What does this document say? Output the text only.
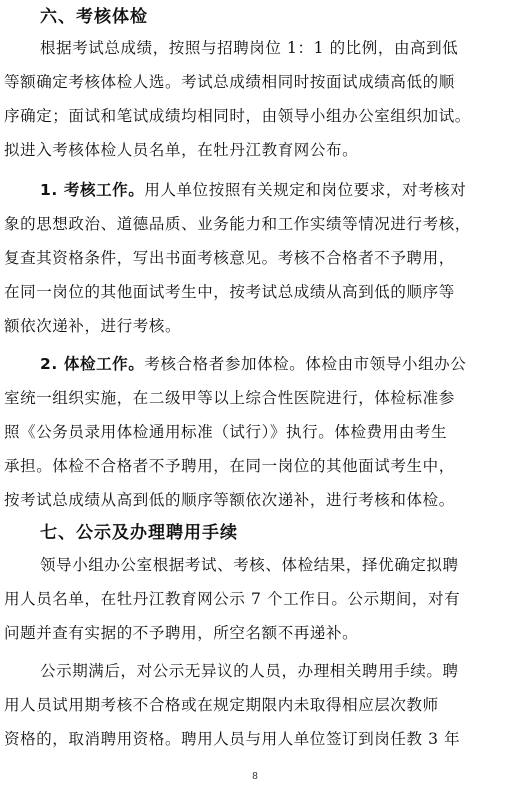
六、考核体检
根据考试总成绩，按照与招聘岗位 1：1 的比例，由高到低
等额确定考核体检人选。考试总成绩相同时按面试成绩高低的顺
序确定；面试和笔试成绩均相同时，由领导小组办公室组织加试。
拟进入考核体检人员名单，在牡丹江教育网公布。
1. 考核工作。用人单位按照有关规定和岗位要求，对考核对
象的思想政治、道德品质、业务能力和工作实绩等情况进行考核，
复查其资格条件，写出书面考核意见。考核不合格者不予聘用，
在同一岗位的其他面试考生中，按考试总成绩从高到低的顺序等
额依次递补，进行考核。
2. 体检工作。考核合格者参加体检。体检由市领导小组办公
室统一组织实施，在二级甲等以上综合性医院进行，体检标准参
照《公务员录用体检通用标准（试行）》执行。体检费用由考生
承担。体检不合格者不予聘用，在同一岗位的其他面试考生中，
按考试总成绩从高到低的顺序等额依次递补，进行考核和体检。
七、公示及办理聘用手续
领导小组办公室根据考试、考核、体检结果，择优确定拟聘
用人员名单，在牡丹江教育网公示 7 个工作日。公示期间，对有
问题并查有实据的不予聘用，所空名额不再递补。
公示期满后，对公示无异议的人员，办理相关聘用手续。聘
用人员试用期考核不合格或在规定期限内未取得相应层次教师
资格的，取消聘用资格。聘用人员与用人单位签订到岗任教 3 年
8
